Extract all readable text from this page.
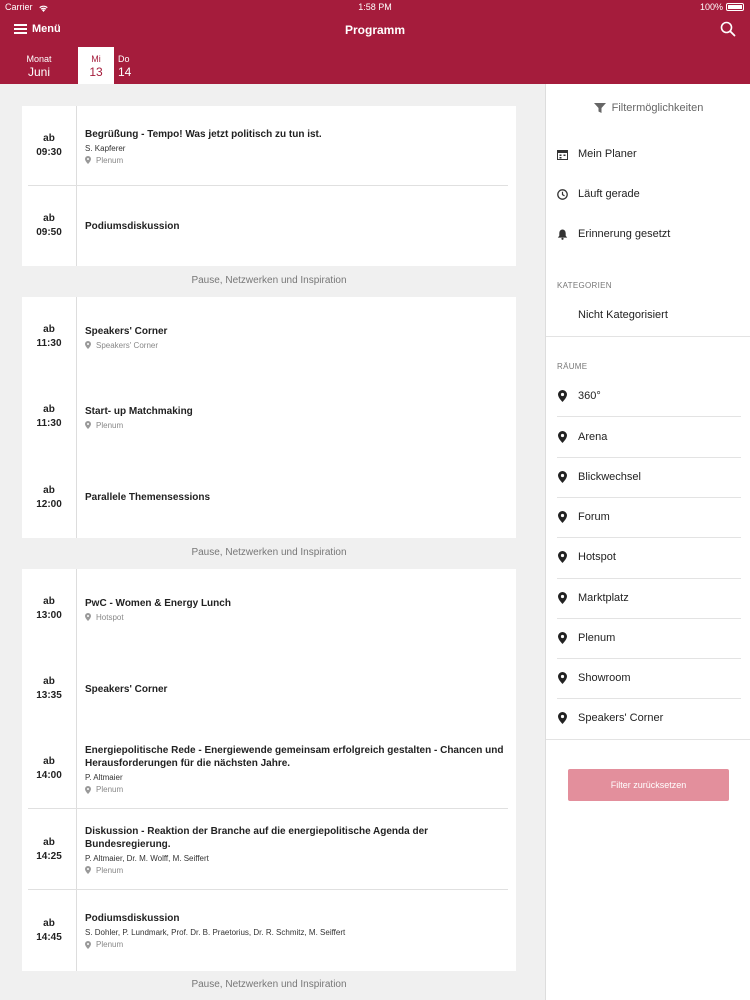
Carrier	1:58 PM	100%
Menü	Programm
Monat
Juni
Mi
13
Do
14
ab
09:30
Begrüßung - Tempo! Was jetzt politisch zu tun ist.
S. Kapferer
Plenum
ab
09:50
Podiumsdiskussion
Pause, Netzwerken und Inspiration
ab
11:30
Speakers' Corner
Speakers' Corner
ab
11:30
Start- up Matchmaking
Plenum
ab
12:00
Parallele Themensessions
Pause, Netzwerken und Inspiration
ab
13:00
PwC - Women & Energy Lunch
Hotspot
ab
13:35
Speakers' Corner
ab
14:00
Energiepolitische Rede - Energiewende gemeinsam erfolgreich gestalten - Chancen und Herausforderungen für die nächsten Jahre.
P. Altmaier
Plenum
ab
14:25
Diskussion - Reaktion der Branche auf die energiepolitische Agenda der Bundesregierung.
P. Altmaier, Dr. M. Wolff, M. Seiffert
Plenum
ab
14:45
Podiumsdiskussion
S. Dohler, P. Lundmark, Prof. Dr. B. Praetorius, Dr. R. Schmitz, M. Seiffert
Plenum
Pause, Netzwerken und Inspiration
Filtermöglichkeiten
Mein Planer
Läuft gerade
Erinnerung gesetzt
KATEGORIEN
Nicht Kategorisiert
RÄUME
360°
Arena
Blickwechsel
Forum
Hotspot
Marktplatz
Plenum
Showroom
Speakers' Corner
Filter zurücksetzen
